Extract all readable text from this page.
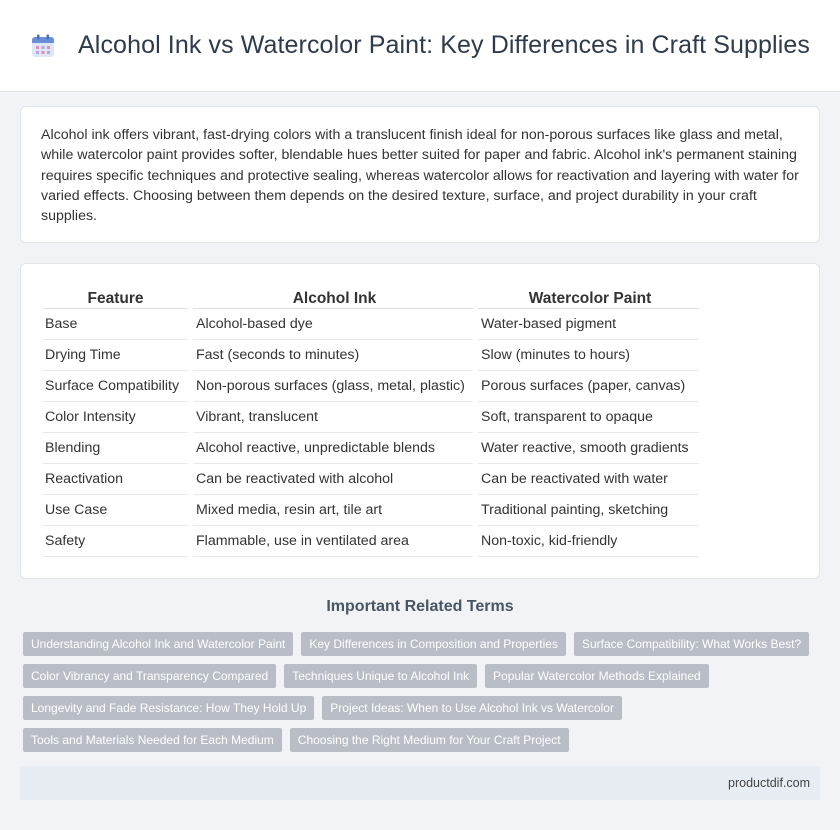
Alcohol Ink vs Watercolor Paint: Key Differences in Craft Supplies

Alcohol ink offers vibrant, fast-drying colors with a translucent finish ideal for non-porous surfaces like glass and metal, while watercolor paint provides softer, blendable hues better suited for paper and fabric. Alcohol ink's permanent staining requires specific techniques and protective sealing, whereas watercolor allows for reactivation and layering with water for varied effects. Choosing between them depends on the desired texture, surface, and project durability in your craft supplies.

Feature	Alcohol Ink	Watercolor Paint
Base	Alcohol-based dye	Water-based pigment
Drying Time	Fast (seconds to minutes)	Slow (minutes to hours)
Surface Compatibility	Non-porous surfaces (glass, metal, plastic)	Porous surfaces (paper, canvas)
Color Intensity	Vibrant, translucent	Soft, transparent to opaque
Blending	Alcohol reactive, unpredictable blends	Water reactive, smooth gradients
Reactivation	Can be reactivated with alcohol	Can be reactivated with water
Use Case	Mixed media, resin art, tile art	Traditional painting, sketching
Safety	Flammable, use in ventilated area	Non-toxic, kid-friendly
Important Related Terms
Understanding Alcohol Ink and Watercolor Paint	Key Differences in Composition and Properties	Surface Compatibility: What Works Best?
Color Vibrancy and Transparency Compared	Techniques Unique to Alcohol Ink	Popular Watercolor Methods Explained
Longevity and Fade Resistance: How They Hold Up	Project Ideas: When to Use Alcohol Ink vs Watercolor
Tools and Materials Needed for Each Medium	Choosing the Right Medium for Your Craft Project
productdif.com
